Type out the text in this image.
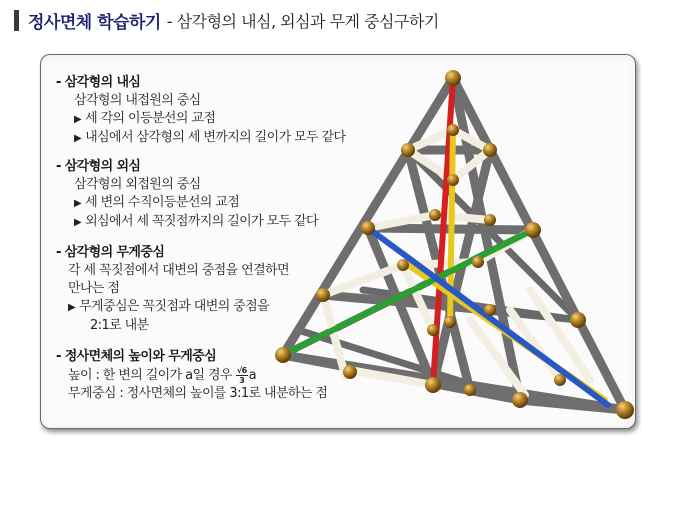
정사면체 학습하기 - 삼각형의 내심, 외심과 무게 중심구하기
- 삼각형의 내심
삼각형의 내접원의 중심
▶ 세 각의 이등분선의 교점
▶ 내심에서 삼각형의 세 변까지의 길이가 모두 같다
- 삼각형의 외심
삼각형의 외접원의 중심
▶ 세 변의 수직이등분선의 교점
▶ 외심에서 세 꼭짓점까지의 길이가 모두 같다
- 삼각형의 무게중심
각 세 꼭짓점에서 대변의 중점을 연결하면
만나는 점
▶ 무게중심은 꼭짓점과 대변의 중점을
2:1로 내분
- 정사면체의 높이와 무게중심
높이 : 한 변의 길이가 a일 경우 $\frac{√6}{3}$ a
무게중심 : 정사면체의 높이를 3:1로 내분하는 점
